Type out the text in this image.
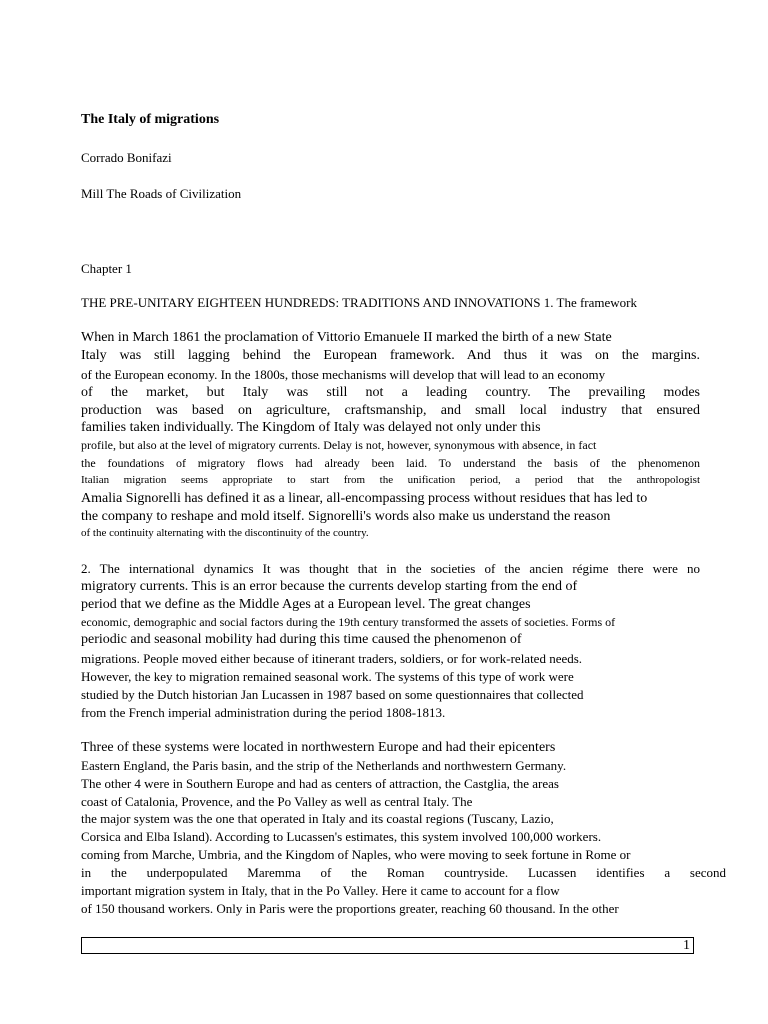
The Italy of migrations
Corrado Bonifazi
Mill The Roads of Civilization
Chapter 1
THE PRE-UNITARY EIGHTEEN HUNDREDS: TRADITIONS AND INNOVATIONS 1. The framework
When in March 1861 the proclamation of Vittorio Emanuele II marked the birth of a new State
Italy was still lagging behind the European framework. And thus it was on the margins.
of the European economy. In the 1800s, those mechanisms will develop that will lead to an economy
of the market, but Italy was still not a leading country. The prevailing modes
production was based on agriculture, craftsmanship, and small local industry that ensured
families taken individually. The Kingdom of Italy was delayed not only under this
profile, but also at the level of migratory currents. Delay is not, however, synonymous with absence, in fact
the foundations of migratory flows had already been laid. To understand the basis of the phenomenon
Italian migration seems appropriate to start from the unification period, a period that the anthropologist
Amalia Signorelli has defined it as a linear, all-encompassing process without residues that has led to
the company to reshape and mold itself. Signorelli's words also make us understand the reason
of the continuity alternating with the discontinuity of the country.
2. The international dynamics It was thought that in the societies of the ancien régime there were no
migratory currents. This is an error because the currents develop starting from the end of
period that we define as the Middle Ages at a European level. The great changes
economic, demographic and social factors during the 19th century transformed the assets of societies. Forms of
periodic and seasonal mobility had during this time caused the phenomenon of
migrations. People moved either because of itinerant traders, soldiers, or for work-related needs.
However, the key to migration remained seasonal work. The systems of this type of work were
studied by the Dutch historian Jan Lucassen in 1987 based on some questionnaires that collected
from the French imperial administration during the period 1808-1813.
Three of these systems were located in northwestern Europe and had their epicenters
Eastern England, the Paris basin, and the strip of the Netherlands and northwestern Germany.
The other 4 were in Southern Europe and had as centers of attraction, the Castglia, the areas
coast of Catalonia, Provence, and the Po Valley as well as central Italy. The
the major system was the one that operated in Italy and its coastal regions (Tuscany, Lazio,
Corsica and Elba Island). According to Lucassen's estimates, this system involved 100,000 workers.
coming from Marche, Umbria, and the Kingdom of Naples, who were moving to seek fortune in Rome or
in the underpopulated Maremma of the Roman countryside. Lucassen identifies a second
important migration system in Italy, that in the Po Valley. Here it came to account for a flow
of 150 thousand workers. Only in Paris were the proportions greater, reaching 60 thousand. In the other
1
